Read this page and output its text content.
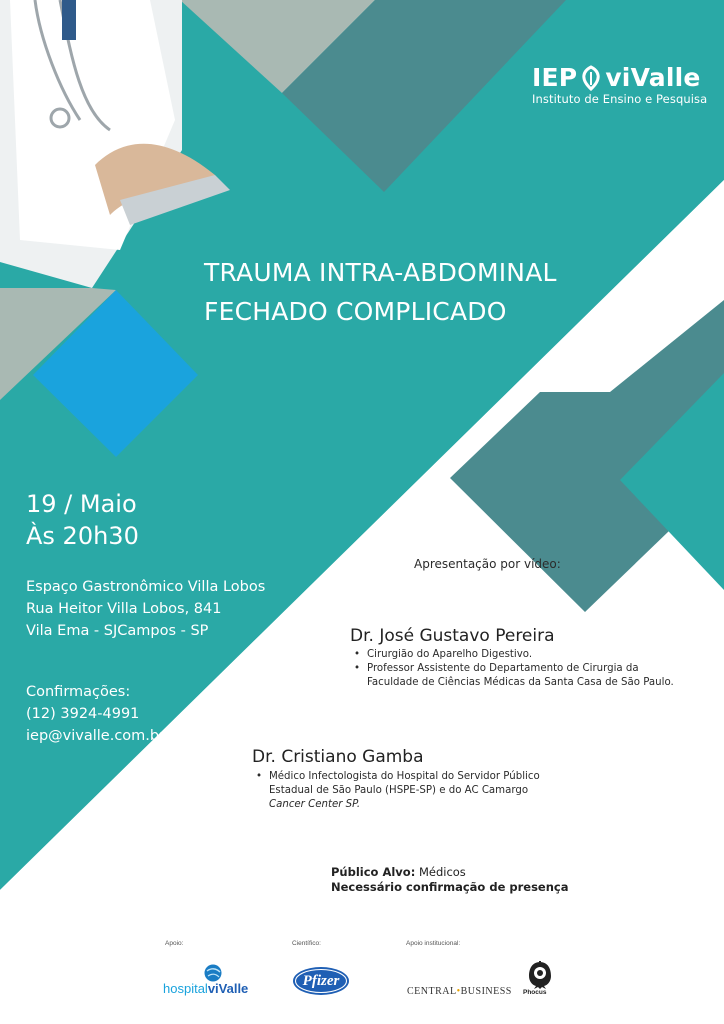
IEP viValle
Instituto de Ensino e Pesquisa
TRAUMA INTRA-ABDOMINAL
FECHADO COMPLICADO
19 / Maio
Às 20h30
Espaço Gastronômico Villa Lobos
Rua Heitor Villa Lobos, 841
Vila Ema - SJCampos - SP
Confirmações:
(12) 3924-4991
iep@vivalle.com.br
Apresentação por vídeo:
Dr. José Gustavo Pereira
• Cirurgião do Aparelho Digestivo.
• Professor Assistente do Departamento de Cirurgia da Faculdade de Ciências Médicas da Santa Casa de São Paulo.
Dr. Cristiano Gamba
• Médico Infectologista do Hospital do Servidor Público Estadual de São Paulo (HSPE-SP) e do AC Camargo Cancer Center SP.
Público Alvo: Médicos
Necessário confirmação de presença
Apoio:	Científico:	Apoio institucional:
hospitalviValle	Pfizer
CENTRAL•BUSINESS Phocus
